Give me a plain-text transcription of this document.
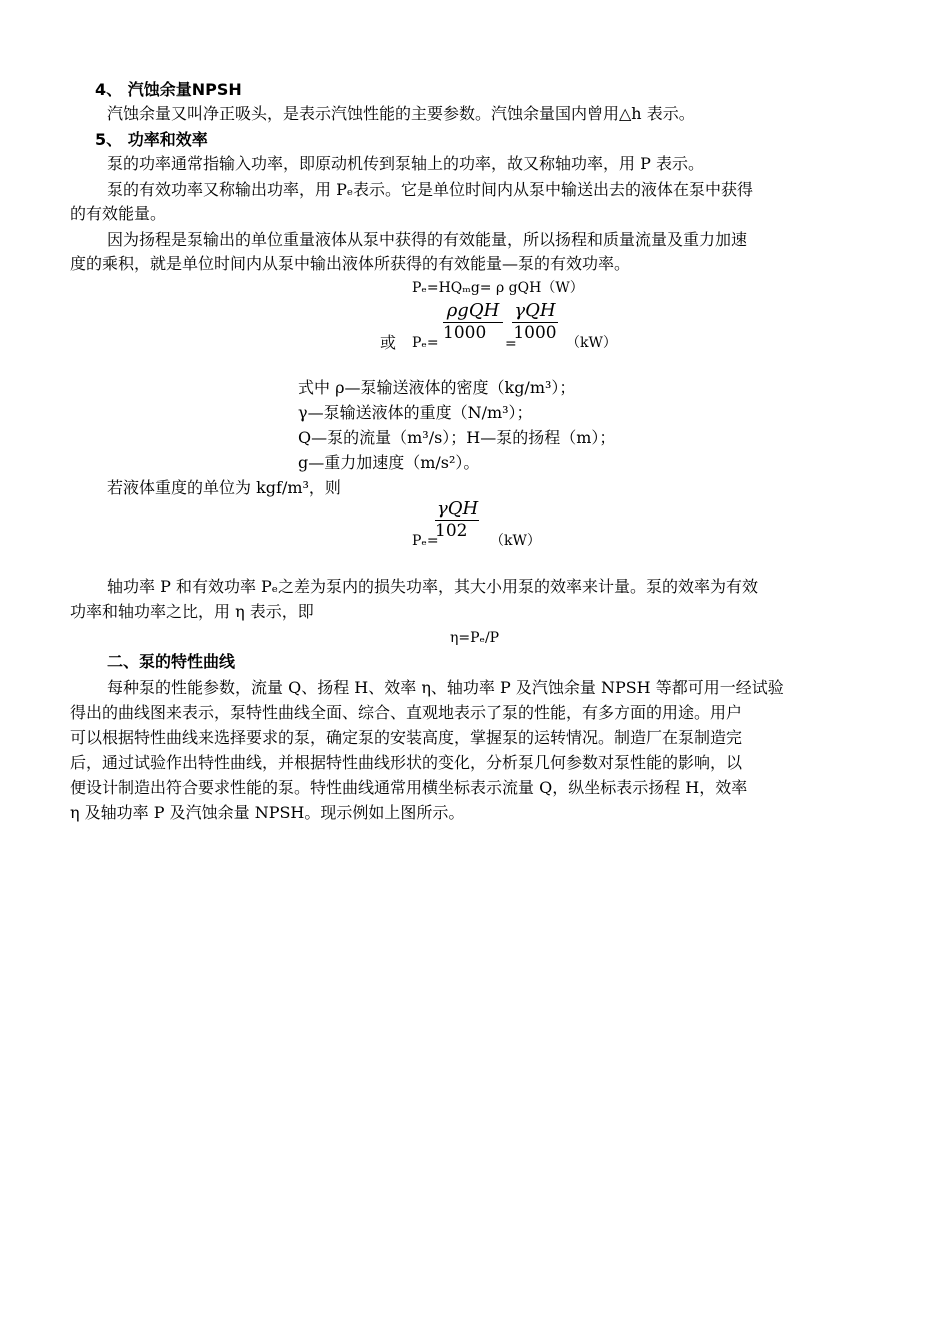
4、 汽蚀余量NPSH
汽蚀余量又叫净正吸头，是表示汽蚀性能的主要参数。汽蚀余量国内曾用△h 表示。
5、 功率和效率
泵的功率通常指输入功率，即原动机传到泵轴上的功率，故又称轴功率，用 P 表示。
泵的有效功率又称输出功率，用 Pₑ表示。它是单位时间内从泵中输送出去的液体在泵中获得
的有效能量。
因为扬程是泵输出的单位重量液体从泵中获得的有效能量，所以扬程和质量流量及重力加速
度的乘积，就是单位时间内从泵中输出液体所获得的有效能量—泵的有效功率。
Pₑ=HQₘg= ρ gQH（W）
或 Pₑ=
ρgQH
1000
=
γQH
1000 （kW）
式中 ρ—泵输送液体的密度（kg/m³）；
γ—泵输送液体的重度（N/m³）；
Q—泵的流量（m³/s）；H—泵的扬程（m）；
g—重力加速度（m/s²）。
若液体重度的单位为 kgf/m³，则
Pₑ=
γQH
102	（kW）
轴功率 P 和有效功率 Pₑ之差为泵内的损失功率，其大小用泵的效率来计量。泵的效率为有效
功率和轴功率之比，用 η 表示，即
η=Pₑ/P
二、泵的特性曲线
每种泵的性能参数，流量 Q、扬程 H、效率 η、轴功率 P 及汽蚀余量 NPSH 等都可用一经试验
得出的曲线图来表示，泵特性曲线全面、综合、直观地表示了泵的性能，有多方面的用途。用户
可以根据特性曲线来选择要求的泵，确定泵的安装高度，掌握泵的运转情况。制造厂在泵制造完
后，通过试验作出特性曲线，并根据特性曲线形状的变化，分析泵几何参数对泵性能的影响，以
便设计制造出符合要求性能的泵。特性曲线通常用横坐标表示流量 Q，纵坐标表示扬程 H，效率
η 及轴功率 P 及汽蚀余量 NPSH。现示例如上图所示。
